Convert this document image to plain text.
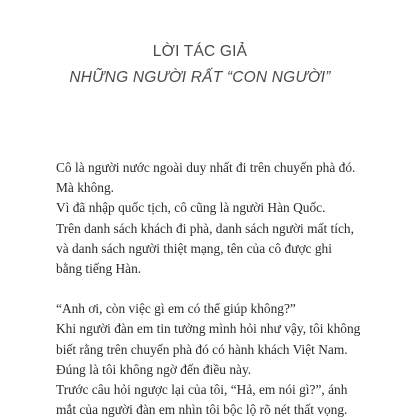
LỜI TÁC GIẢ
NHỮNG NGƯỜI RẤT “CON NGƯỜI”
Cô là người nước ngoài duy nhất đi trên chuyến phà đó.
Mà không.
Vì đã nhập quốc tịch, cô cũng là người Hàn Quốc.
Trên danh sách khách đi phà, danh sách người mất tích,
và danh sách người thiệt mạng, tên của cô được ghi
bằng tiếng Hàn.
“Anh ơi, còn việc gì em có thể giúp không?”
Khi người đàn em tin tưởng mình hỏi như vậy, tôi không
biết rằng trên chuyến phà đó có hành khách Việt Nam.
Đúng là tôi không ngờ đến điều này.
Trước câu hỏi ngược lại của tôi, “Hả, em nói gì?”, ánh
mắt của người đàn em nhìn tôi bộc lộ rõ nét thất vọng.
